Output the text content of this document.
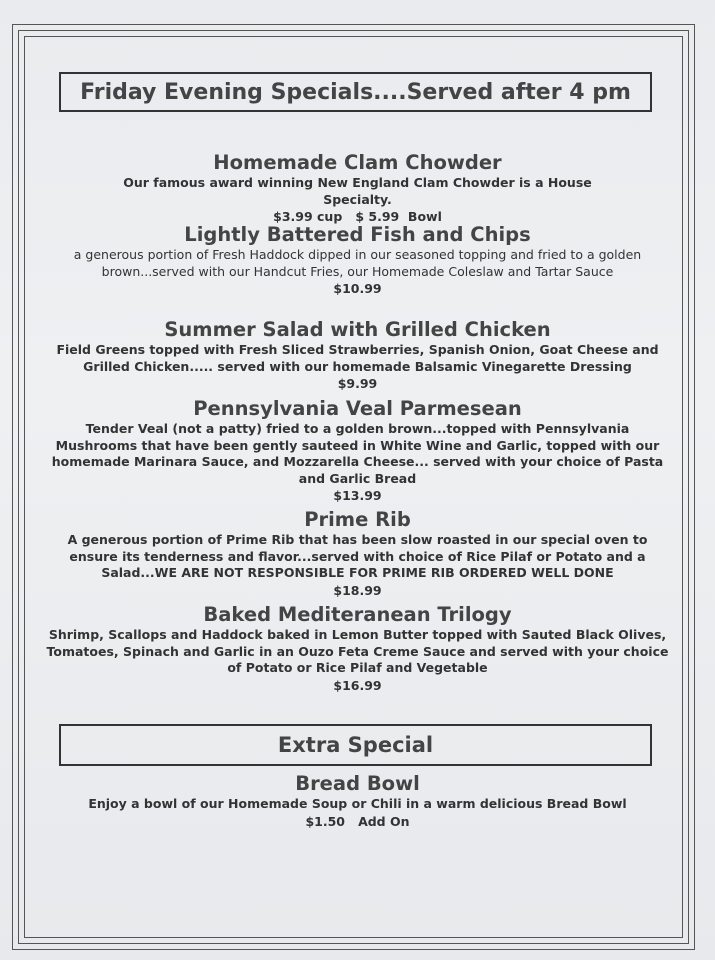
Friday Evening Specials....Served after 4 pm
Homemade Clam Chowder
Our famous award winning New England Clam Chowder is a House Specialty.
$3.99 cup   $ 5.99  Bowl
Lightly Battered Fish and Chips
a generous portion of Fresh Haddock dipped in our seasoned topping and fried to a golden brown...served with our Handcut Fries, our Homemade Coleslaw and Tartar Sauce
$10.99
Summer Salad with Grilled Chicken
Field Greens topped with Fresh Sliced Strawberries, Spanish Onion, Goat Cheese and Grilled Chicken..... served with our homemade Balsamic Vinegarette Dressing
$9.99
Pennsylvania Veal Parmesean
Tender Veal (not a patty) fried to a golden brown...topped with Pennsylvania Mushrooms that have been gently sauteed in White Wine and Garlic, topped with our homemade Marinara Sauce, and Mozzarella Cheese... served with your choice of Pasta and Garlic Bread
$13.99
Prime Rib
A generous portion of Prime Rib that has been slow roasted in our special oven to ensure its tenderness and flavor...served with choice of Rice Pilaf or Potato and a Salad...WE ARE NOT RESPONSIBLE FOR PRIME RIB ORDERED WELL DONE
$18.99
Baked Mediteranean Trilogy
Shrimp, Scallops and Haddock baked in Lemon Butter topped with Sauted Black Olives, Tomatoes, Spinach and Garlic in an Ouzo Feta Creme Sauce and served with your choice of Potato or Rice Pilaf and Vegetable
$16.99
Extra Special
Bread Bowl
Enjoy a bowl of our Homemade Soup or Chili in a warm delicious Bread Bowl
$1.50   Add On
